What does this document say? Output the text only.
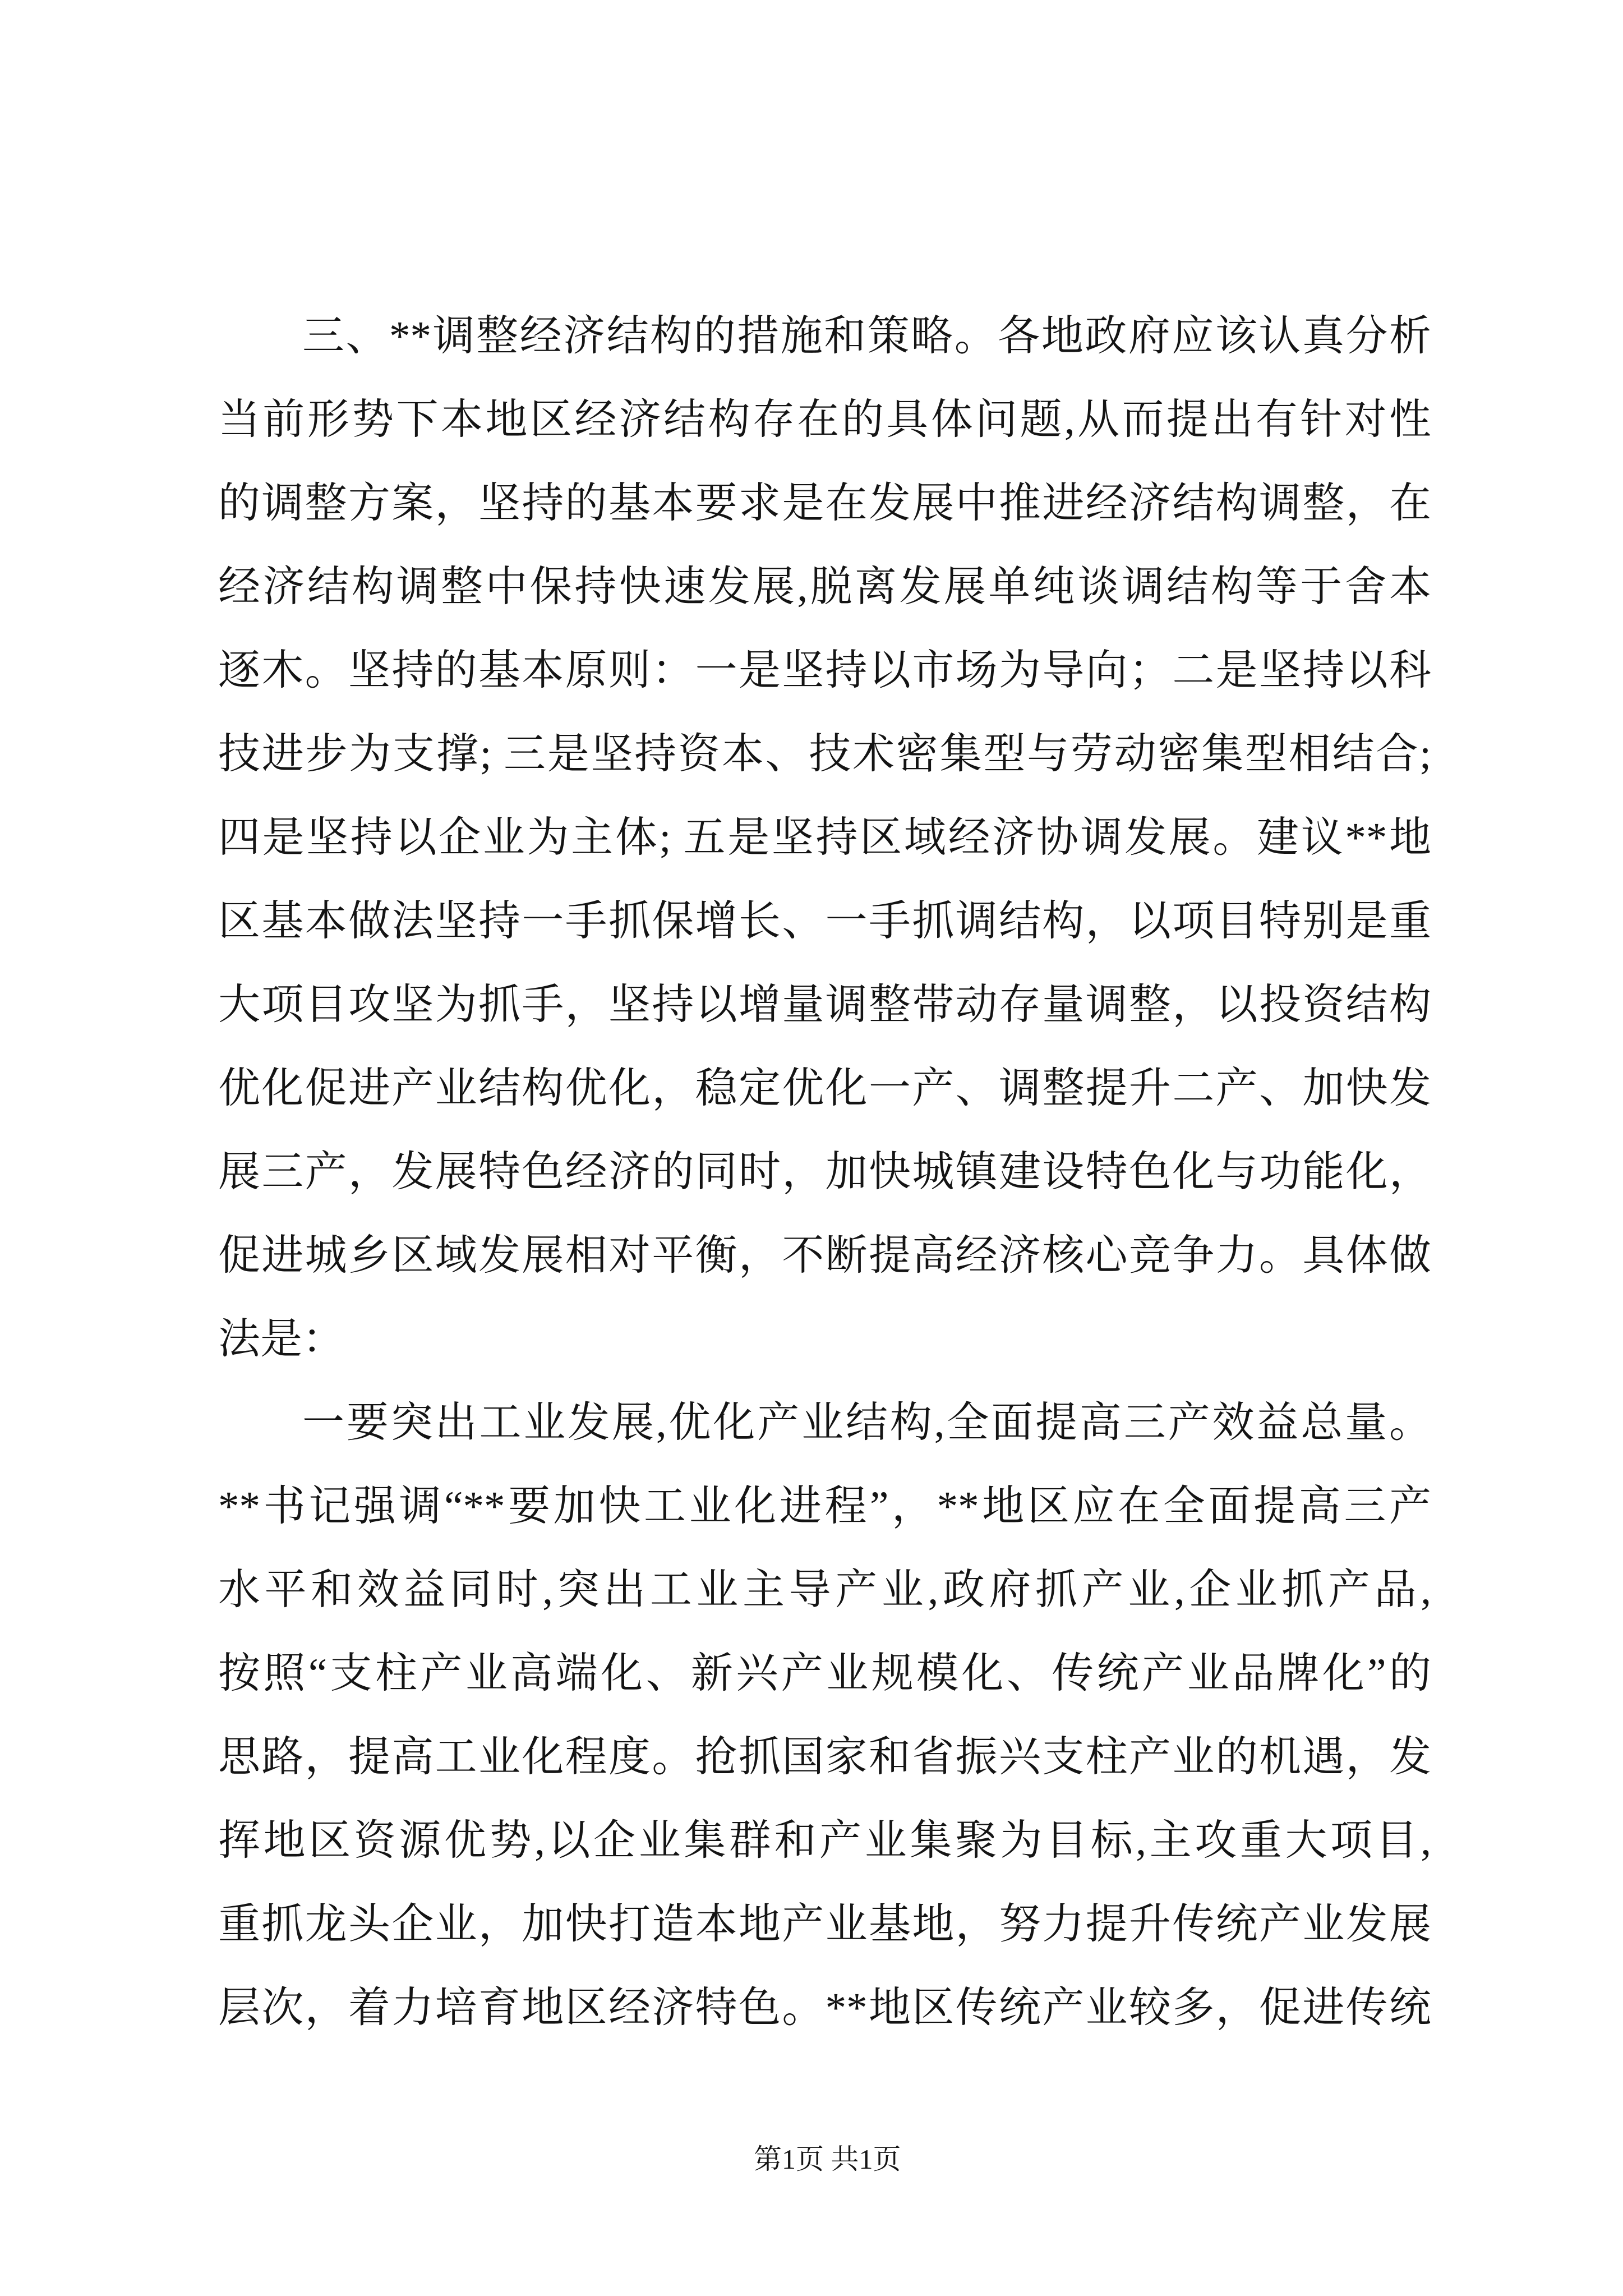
三、**调整经济结构的措施和策略。各地政府应该认真分析
当前形势下本地区经济结构存在的具体问题,从而提出有针对性
的调整方案，坚持的基本要求是在发展中推进经济结构调整，在
经济结构调整中保持快速发展,脱离发展单纯谈调结构等于舍本
逐木。坚持的基本原则：一是坚持以市场为导向；二是坚持以科
技进步为支撑; 三是坚持资本、技术密集型与劳动密集型相结合;
四是坚持以企业为主体; 五是坚持区域经济协调发展。建议**地
区基本做法坚持一手抓保增长、一手抓调结构，以项目特别是重
大项目攻坚为抓手，坚持以增量调整带动存量调整，以投资结构
优化促进产业结构优化，稳定优化一产、调整提升二产、加快发
展三产，发展特色经济的同时，加快城镇建设特色化与功能化，
促进城乡区域发展相对平衡，不断提高经济核心竞争力。具体做
法是：
一要突出工业发展,优化产业结构,全面提高三产效益总量。
**书记强调“**要加快工业化进程”，**地区应在全面提高三产
水平和效益同时,突出工业主导产业,政府抓产业,企业抓产品,
按照“支柱产业高端化、新兴产业规模化、传统产业品牌化”的
思路，提高工业化程度。抢抓国家和省振兴支柱产业的机遇，发
挥地区资源优势,以企业集群和产业集聚为目标,主攻重大项目,
重抓龙头企业，加快打造本地产业基地，努力提升传统产业发展
层次，着力培育地区经济特色。**地区传统产业较多，促进传统
第1页 共1页
